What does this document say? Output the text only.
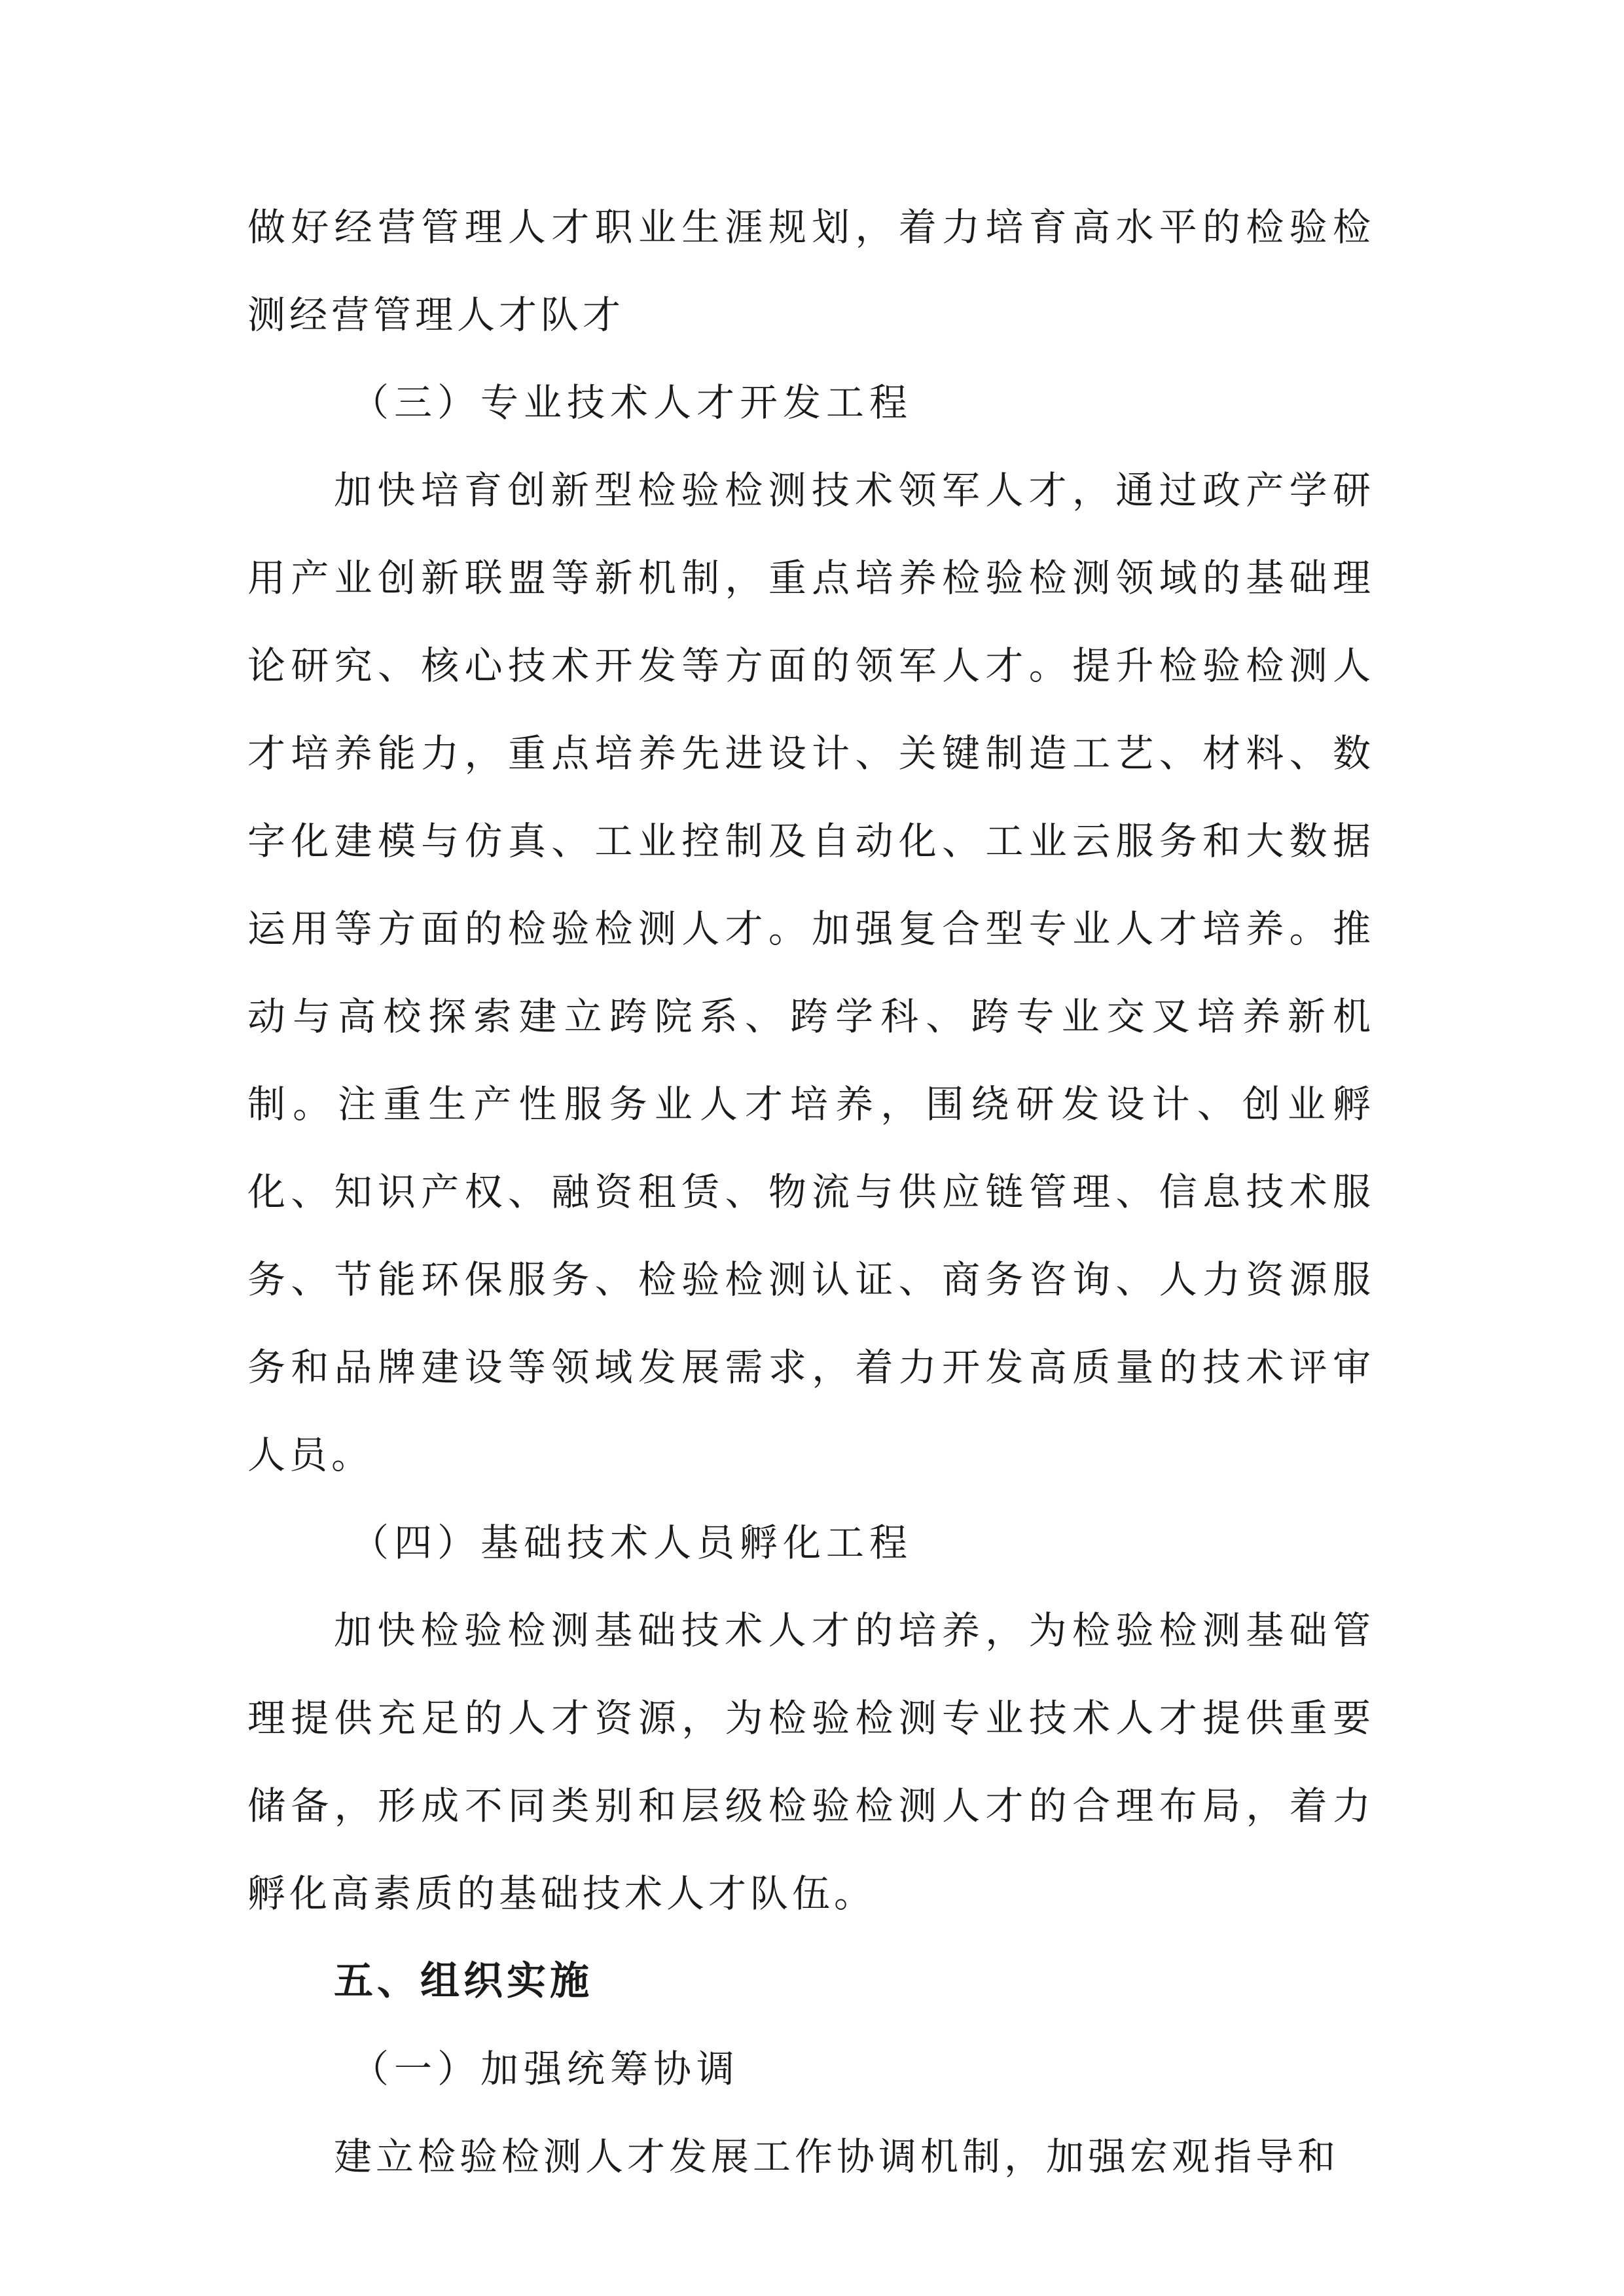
做好经营管理人才职业生涯规划，着力培育高水平的检验检测经营管理人才队才

（三）专业技术人才开发工程

加快培育创新型检验检测技术领军人才，通过政产学研用产业创新联盟等新机制，重点培养检验检测领域的基础理论研究、核心技术开发等方面的领军人才。提升检验检测人才培养能力，重点培养先进设计、关键制造工艺、材料、数字化建模与仿真、工业控制及自动化、工业云服务和大数据运用等方面的检验检测人才。加强复合型专业人才培养。推动与高校探索建立跨院系、跨学科、跨专业交叉培养新机制。注重生产性服务业人才培养，围绕研发设计、创业孵化、知识产权、融资租赁、物流与供应链管理、信息技术服务、节能环保服务、检验检测认证、商务咨询、人力资源服务和品牌建设等领域发展需求，着力开发高质量的技术评审人员。

（四）基础技术人员孵化工程

加快检验检测基础技术人才的培养，为检验检测基础管理提供充足的人才资源，为检验检测专业技术人才提供重要储备，形成不同类别和层级检验检测人才的合理布局，着力孵化高素质的基础技术人才队伍。

五、组织实施

（一）加强统筹协调

建立检验检测人才发展工作协调机制，加强宏观指导和
